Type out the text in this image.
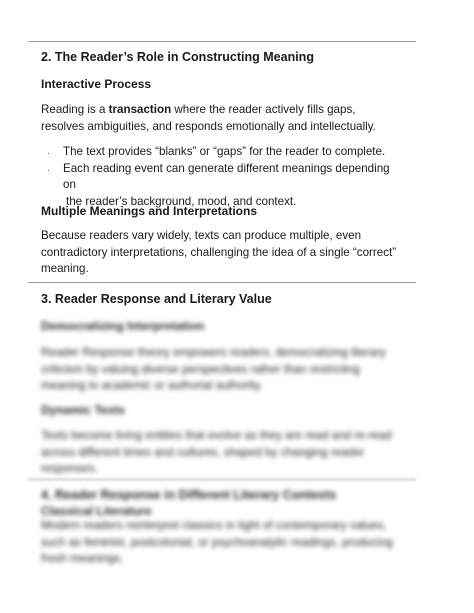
2. The Reader’s Role in Constructing Meaning

Interactive Process

Reading is a transaction where the reader actively fills gaps, resolves ambiguities, and responds emotionally and intellectually.

. The text provides “blanks” or “gaps” for the reader to complete.
. Each reading event can generate different meanings depending on
the reader’s background, mood, and context.

Multiple Meanings and Interpretations

Because readers vary widely, texts can produce multiple, even contradictory interpretations, challenging the idea of a single “correct” meaning.

3. Reader Response and Literary Value

Democratizing Interpretation

Reader Response theory empowers readers, democratizing literary criticism by valuing diverse perspectives rather than restricting meaning to academic or authorial authority.

Dynamic Texts

Texts become living entities that evolve as they are read and re-read across different times and cultures, shaped by changing reader responses.

4. Reader Response in Different Literary Contexts

Classical Literature

Modern readers reinterpret classics in light of contemporary values, such as feminist, postcolonial, or psychoanalytic readings, producing fresh meanings.
